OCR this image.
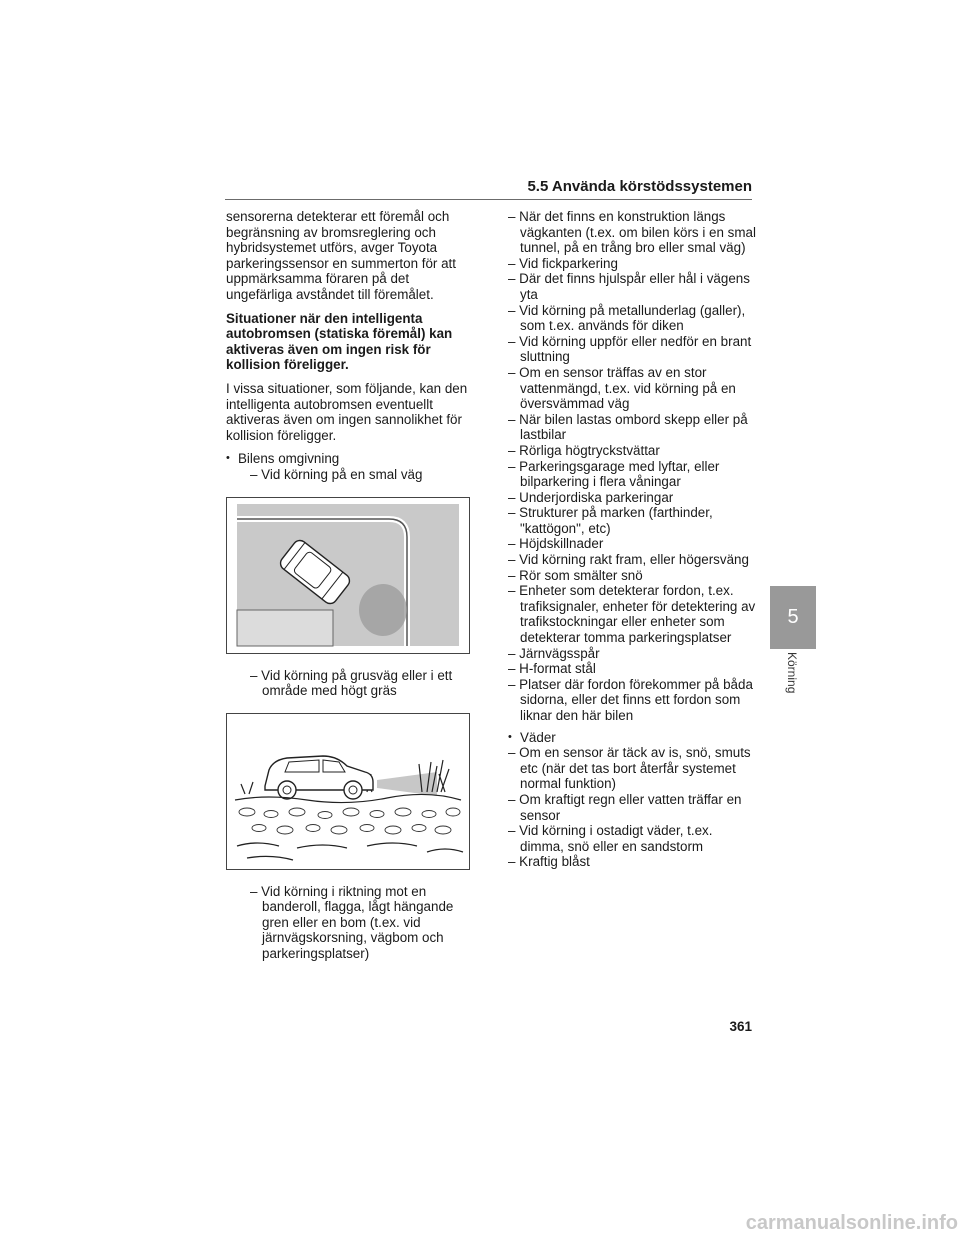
5.5 Använda körstödssystemen

sensorerna detekterar ett föremål och begränsning av bromsreglering och hybridsystemet utförs, avger Toyota parkeringssensor en summerton för att uppmärksamma föraren på det ungefärliga avståndet till föremålet.

Situationer när den intelligenta autobromsen (statiska föremål) kan aktiveras även om ingen risk för kollision föreligger.

I vissa situationer, som följande, kan den intelligenta autobromsen eventuellt aktiveras även om ingen sannolikhet för kollision föreligger.

• Bilens omgivning
– Vid körning på en smal väg
– Vid körning på grusväg eller i ett område med högt gräs
– Vid körning i riktning mot en banderoll, flagga, lågt hängande gren eller en bom (t.ex. vid järnvägskorsning, vägbom och parkeringsplatser)
– När det finns en konstruktion längs vägkanten (t.ex. om bilen körs i en smal tunnel, på en trång bro eller smal väg)
– Vid fickparkering
– Där det finns hjulspår eller hål i vägens yta
– Vid körning på metallunderlag (galler), som t.ex. används för diken
– Vid körning uppför eller nedför en brant sluttning
– Om en sensor träffas av en stor vattenmängd, t.ex. vid körning på en översvämmad väg
– När bilen lastas ombord skepp eller på lastbilar
– Rörliga högtryckstvättar
– Parkeringsgarage med lyftar, eller bilparkering i flera våningar
– Underjordiska parkeringar
– Strukturer på marken (farthinder, "kattögon", etc)
– Höjdskillnader
– Vid körning rakt fram, eller högersväng
– Rör som smälter snö
– Enheter som detekterar fordon, t.ex. trafiksignaler, enheter för detektering av trafikstockningar eller enheter som detekterar tomma parkeringsplatser
– Järnvägsspår
– H-format stål
– Platser där fordon förekommer på båda sidorna, eller det finns ett fordon som liknar den här bilen
• Väder
– Om en sensor är täck av is, snö, smuts etc (när det tas bort återfår systemet normal funktion)
– Om kraftigt regn eller vatten träffar en sensor
– Vid körning i ostadigt väder, t.ex. dimma, snö eller en sandstorm
– Kraftig blåst
5
Körning
361
carmanualsonline.info
